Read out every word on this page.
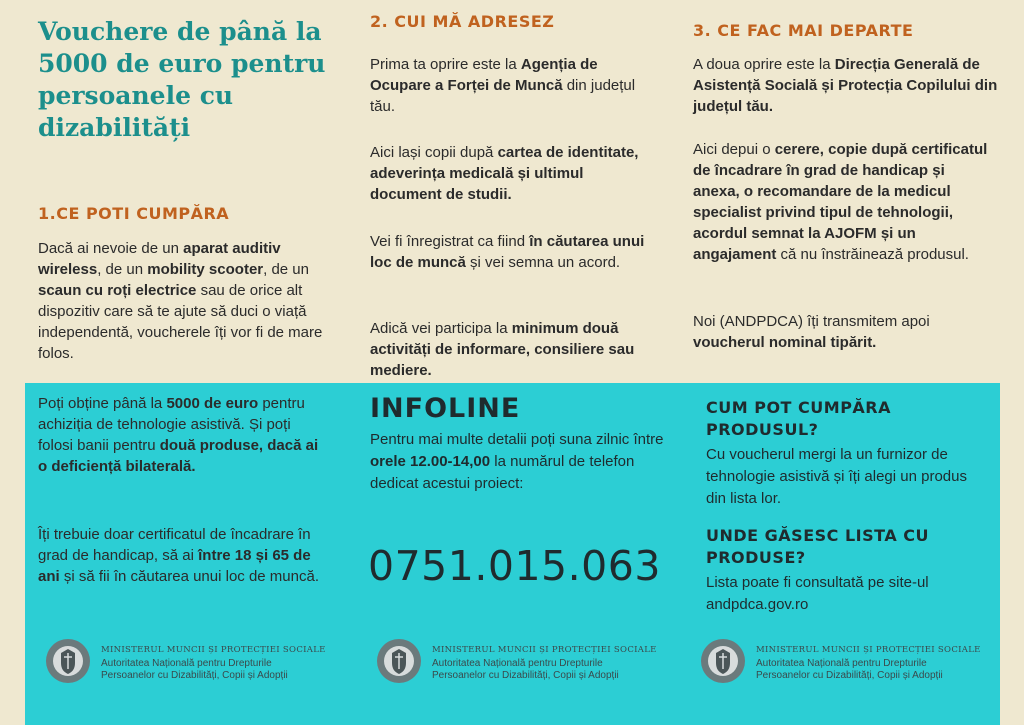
Vouchere de până la 5000 de euro pentru persoanele cu dizabilități
1.CE POTI CUMPĂRA

Dacă ai nevoie de un aparat auditiv wireless, de un mobility scooter, de un scaun cu roți electrice sau de orice alt dispozitiv care să te ajute să duci o viață independentă, voucherele îți vor fi de mare folos.

2. CUI MĂ ADRESEZ

Prima ta oprire este la Agenția de Ocupare a Forței de Muncă din județul tău.

Aici lași copii după cartea de identitate, adeverința medicală și ultimul document de studii.

Vei fi înregistrat ca fiind în căutarea unui loc de muncă și vei semna un acord.

Adică vei participa la minimum două activități de informare, consiliere sau mediere.

3. CE FAC MAI DEPARTE

A doua oprire este la Direcția Generală de Asistență Socială și Protecția Copilului din județul tău.

Aici depui o cerere, copie după certificatul de încadrare în grad de handicap și anexa, o recomandare de la medicul specialist privind tipul de tehnologii, acordul semnat la AJOFM și un angajament că nu înstrăinează produsul.

Noi (ANDPDCA) îți transmitem apoi voucherul nominal tipărit.

Poți obține până la 5000 de euro pentru achiziția de tehnologie asistivă. Și poți folosi banii pentru două produse, dacă ai o deficiență bilaterală.

Îți trebuie doar certificatul de încadrare în grad de handicap, să ai între 18 și 65 de ani și să fii în căutarea unui loc de muncă.

INFOLINE

Pentru mai multe detalii poți suna zilnic între orele 12.00-14,00 la numărul de telefon dedicat acestui proiect:

0751.015.063
CUM POT CUMPĂRA PRODUSUL?

Cu voucherul mergi la un furnizor de tehnologie asistivă și îți alegi un produs din lista lor.

UNDE GĂSESC LISTA CU PRODUSE?

Lista poate fi consultată pe site-ul andpdca.gov.ro

MINISTERUL MUNCII ȘI PROTECȚIEI SOCIALE
Autoritatea Națională pentru Drepturile
Persoanelor cu Dizabilități, Copii și Adopții
MINISTERUL MUNCII ȘI PROTECȚIEI SOCIALE
Autoritatea Națională pentru Drepturile
Persoanelor cu Dizabilități, Copii și Adopții
MINISTERUL MUNCII ȘI PROTECȚIEI SOCIALE
Autoritatea Națională pentru Drepturile
Persoanelor cu Dizabilități, Copii și Adopții
